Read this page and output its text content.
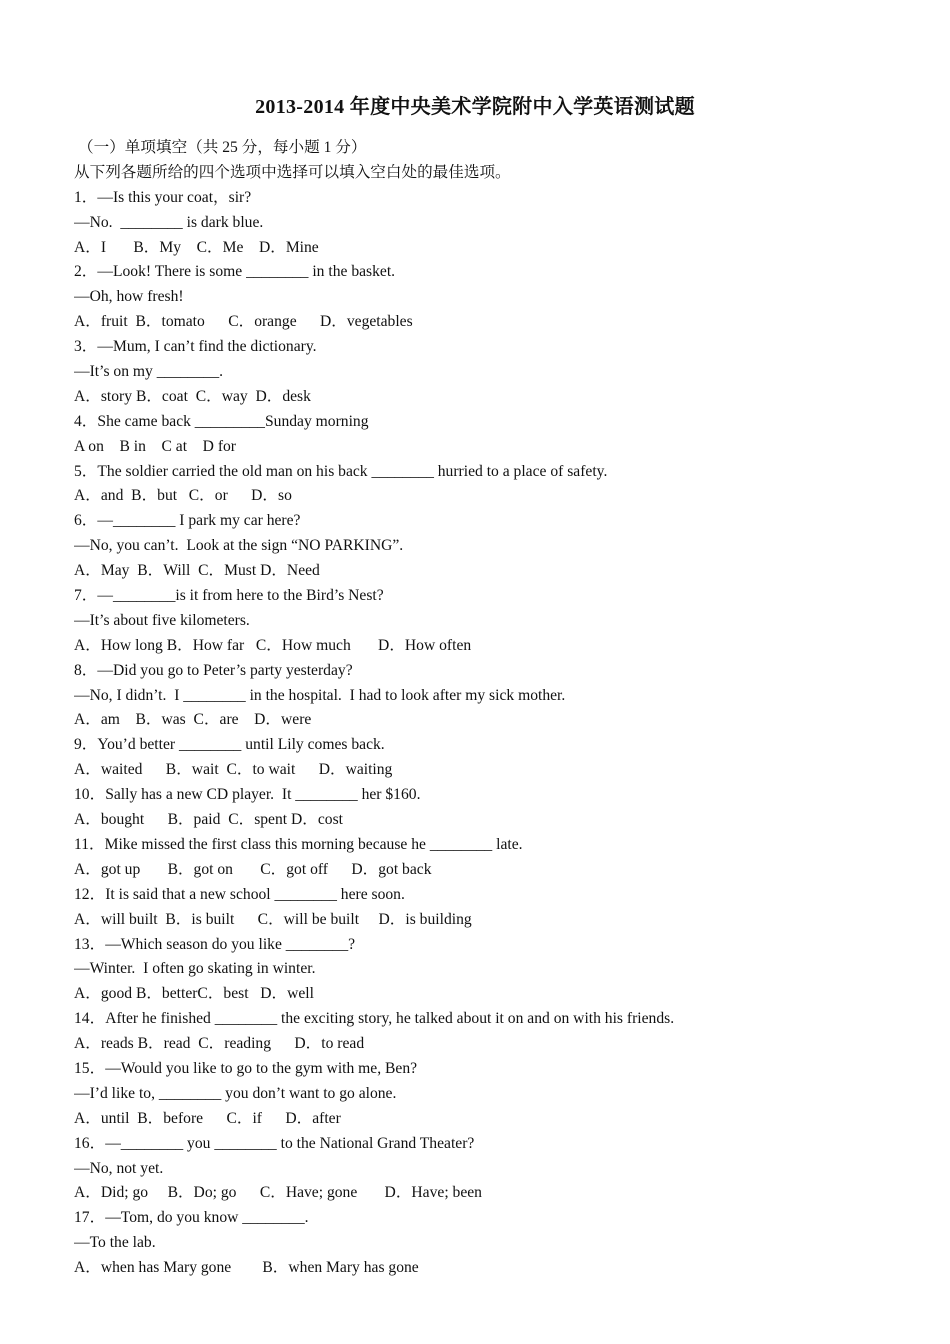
2013-2014 年度中央美术学院附中入学英语测试题
（一）单项填空（共 25 分，每小题 1 分）
从下列各题所给的四个选项中选择可以填入空白处的最佳选项。
1．—Is this your coat，sir?
—No.  ________ is dark blue.
A．I       B．My    C．Me    D．Mine
2．—Look! There is some ________ in the basket.
—Oh, how fresh!
A．fruit  B．tomato      C．orange      D．vegetables
3．—Mum, I can’t find the dictionary.
—It’s on my ________.
A．story B．coat  C．way  D．desk
4．She came back _________Sunday morning
A on    B in    C at    D for
5．The soldier carried the old man on his back ________ hurried to a place of safety.
A．and  B．but   C．or      D．so
6．—________ I park my car here?
—No, you can’t.  Look at the sign “NO PARKING”.
A．May  B．Will  C．Must D．Need
7．—________is it from here to the Bird’s Nest?
—It’s about five kilometers.
A．How long B．How far   C．How much       D．How often
8．—Did you go to Peter’s party yesterday?
—No, I didn’t.  I ________ in the hospital.  I had to look after my sick mother.
A．am    B．was  C．are    D．were
9．You’d better ________ until Lily comes back.
A．waited      B．wait  C．to wait      D．waiting
10．Sally has a new CD player.  It ________ her $160.
A．bought      B．paid  C．spent D．cost
11．Mike missed the first class this morning because he ________ late.
A．got up       B．got on       C．got off      D．got back
12．It is said that a new school ________ here soon.
A．will built  B．is built      C．will be built     D．is building
13．—Which season do you like ________?
—Winter.  I often go skating in winter.
A．good B．betterC．best   D．well
14．After he finished ________ the exciting story, he talked about it on and on with his friends.
A．reads B．read  C．reading      D．to read
15．—Would you like to go to the gym with me, Ben?
—I’d like to, ________ you don’t want to go alone.
A．until  B．before      C．if      D．after
16．—________ you ________ to the National Grand Theater?
—No, not yet.
A．Did; go     B．Do; go      C．Have; gone       D．Have; been
17．—Tom, do you know ________.
—To the lab.
A．when has Mary gone        B．when Mary has gone
